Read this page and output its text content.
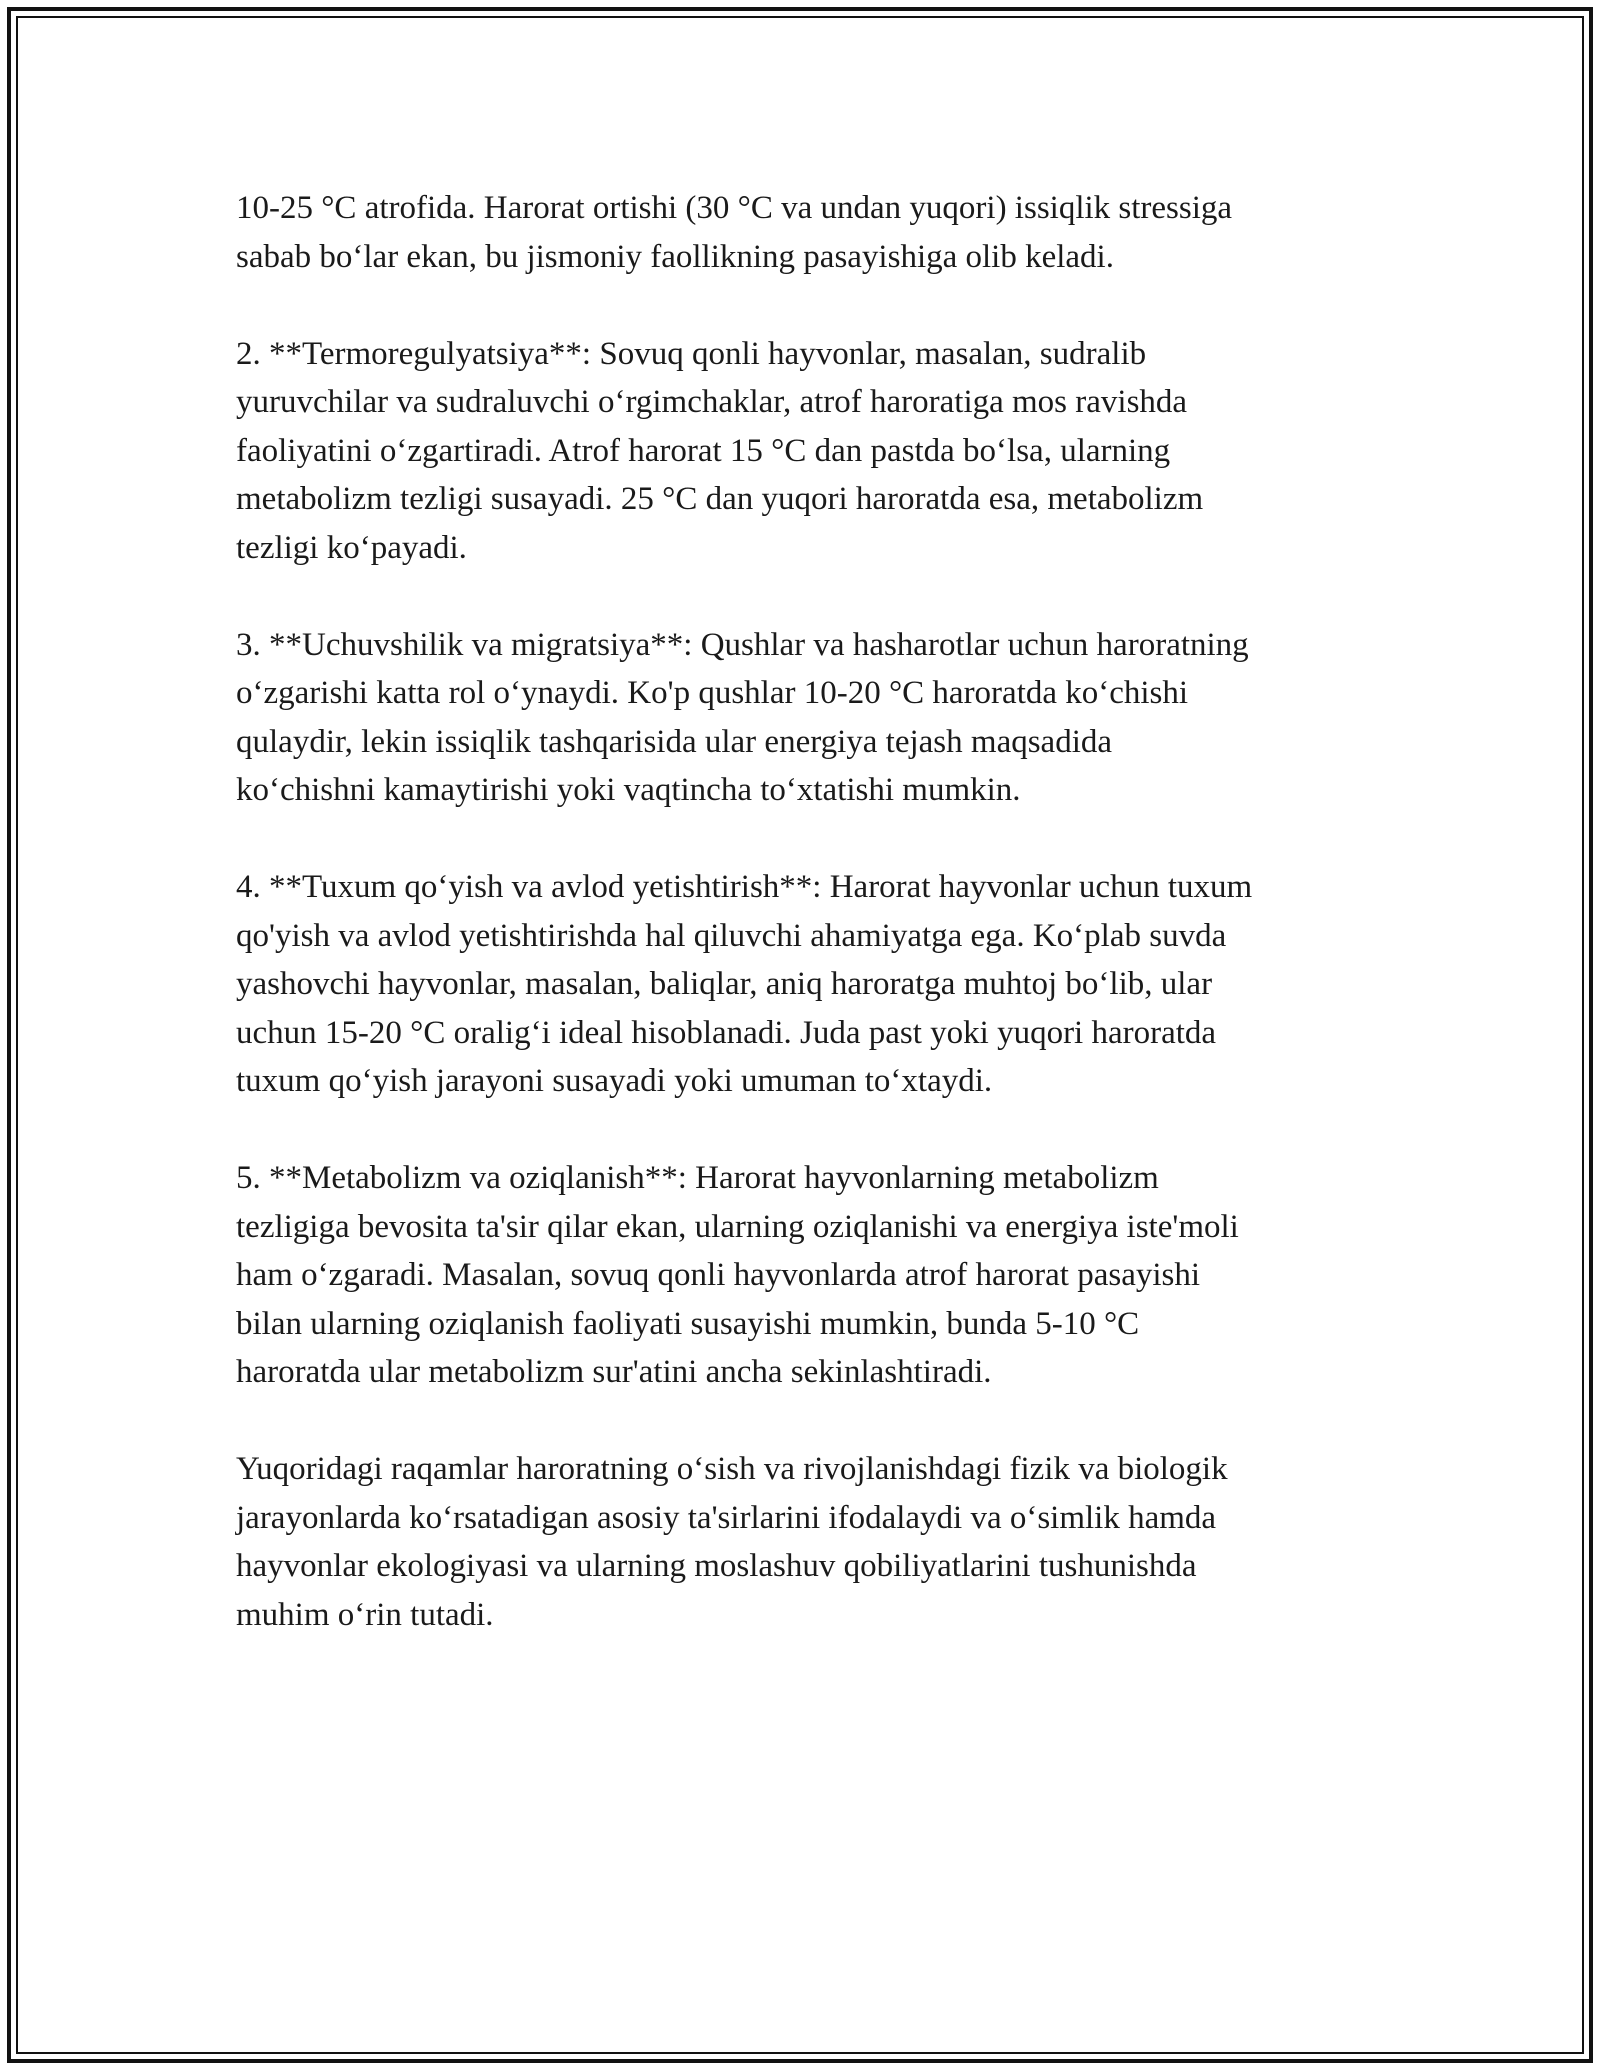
10-25 °C atrofida. Harorat ortishi (30 °C va undan yuqori) issiqlik stressiga
sabab bo‘lar ekan, bu jismoniy faollikning pasayishiga olib keladi.

2. **Termoregulyatsiya**: Sovuq qonli hayvonlar, masalan, sudralib
yuruvchilar va sudraluvchi o‘rgimchaklar, atrof haroratiga mos ravishda
faoliyatini o‘zgartiradi. Atrof harorat 15 °C dan pastda bo‘lsa, ularning
metabolizm tezligi susayadi. 25 °C dan yuqori haroratda esa, metabolizm
tezligi ko‘payadi.

3. **Uchuvshilik va migratsiya**: Qushlar va hasharotlar uchun haroratning
o‘zgarishi katta rol o‘ynaydi. Ko'p qushlar 10-20 °C haroratda ko‘chishi
qulaydir, lekin issiqlik tashqarisida ular energiya tejash maqsadida
ko‘chishni kamaytirishi yoki vaqtincha to‘xtatishi mumkin.

4. **Tuxum qo‘yish va avlod yetishtirish**: Harorat hayvonlar uchun tuxum
qo'yish va avlod yetishtirishda hal qiluvchi ahamiyatga ega. Ko‘plab suvda
yashovchi hayvonlar, masalan, baliqlar, aniq haroratga muhtoj bo‘lib, ular
uchun 15-20 °C oralig‘i ideal hisoblanadi. Juda past yoki yuqori haroratda
tuxum qo‘yish jarayoni susayadi yoki umuman to‘xtaydi.

5. **Metabolizm va oziqlanish**: Harorat hayvonlarning metabolizm
tezligiga bevosita ta'sir qilar ekan, ularning oziqlanishi va energiya iste'moli
ham o‘zgaradi. Masalan, sovuq qonli hayvonlarda atrof harorat pasayishi
bilan ularning oziqlanish faoliyati susayishi mumkin, bunda 5-10 °C
haroratda ular metabolizm sur'atini ancha sekinlashtiradi.

Yuqoridagi raqamlar haroratning o‘sish va rivojlanishdagi fizik va biologik
jarayonlarda ko‘rsatadigan asosiy ta'sirlarini ifodalaydi va o‘simlik hamda
hayvonlar ekologiyasi va ularning moslashuv qobiliyatlarini tushunishda
muhim o‘rin tutadi.
